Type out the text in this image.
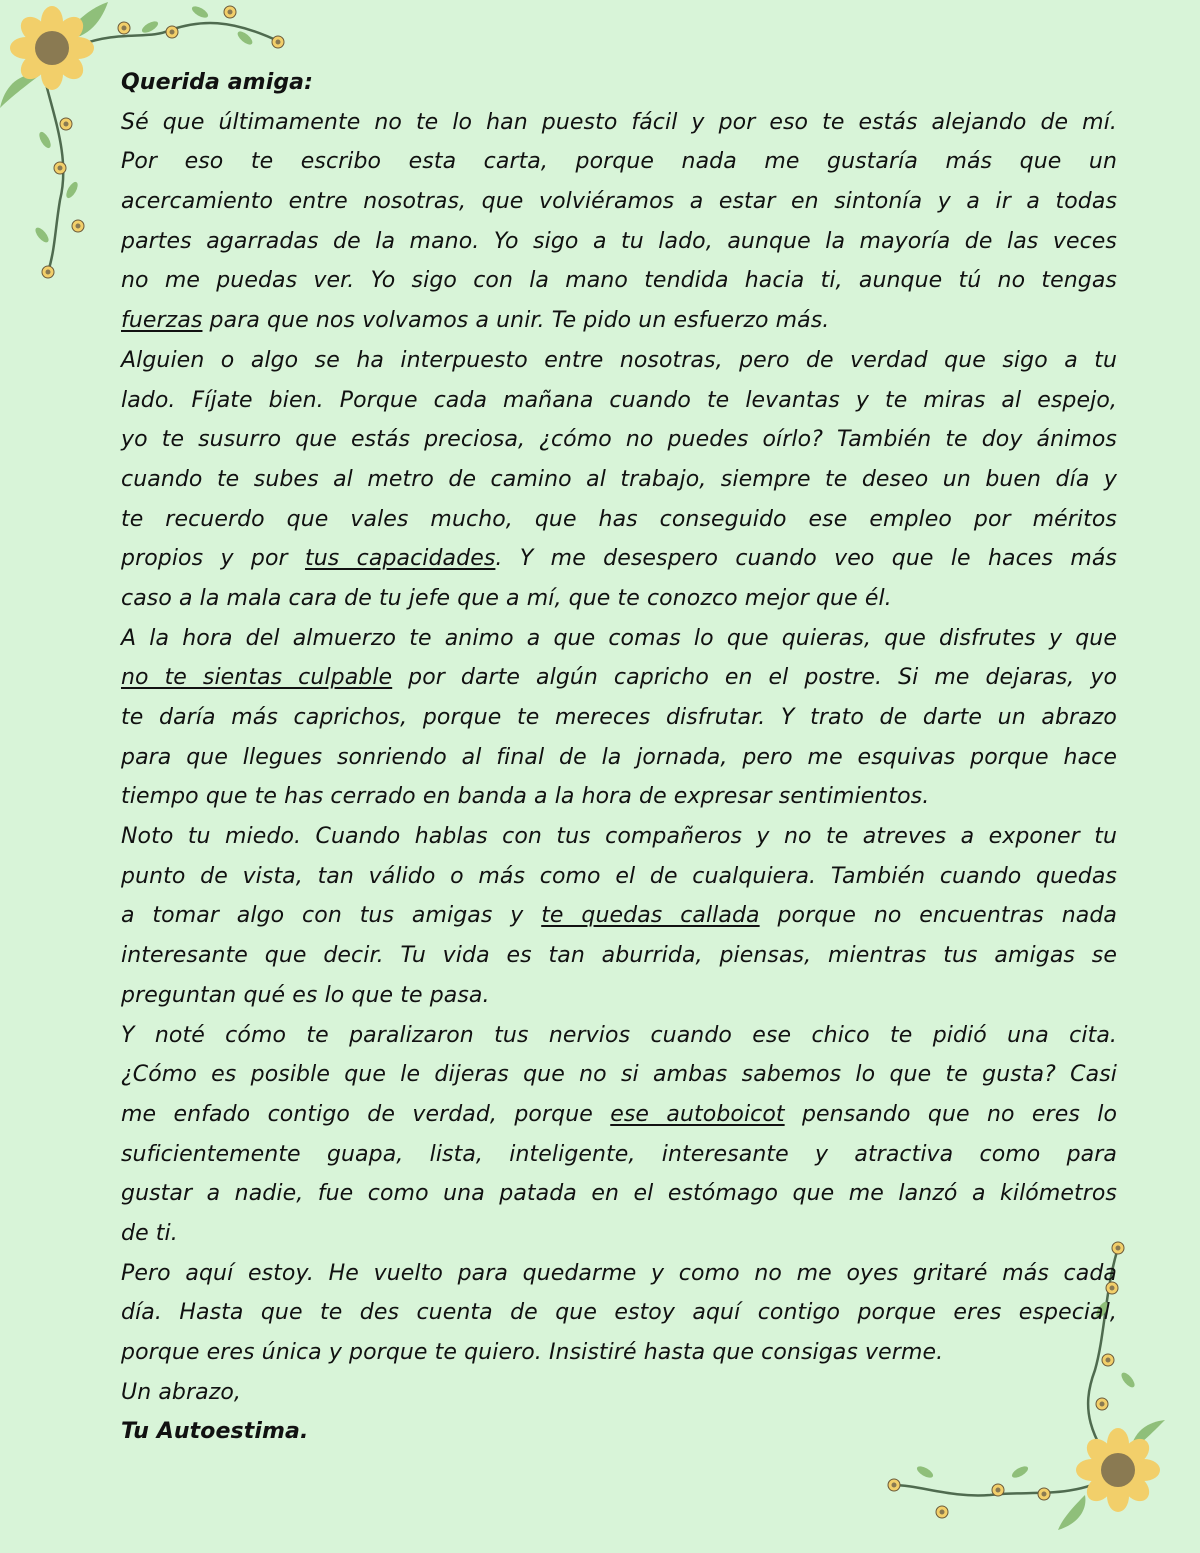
Querida amiga:
Sé que últimamente no te lo han puesto fácil y por eso te estás alejando de mí.
Por eso te escribo esta carta, porque nada me gustaría más que un
acercamiento entre nosotras, que volviéramos a estar en sintonía y a ir a todas
partes agarradas de la mano. Yo sigo a tu lado, aunque la mayoría de las veces
no me puedas ver. Yo sigo con la mano tendida hacia ti, aunque tú no tengas
fuerzas para que nos volvamos a unir. Te pido un esfuerzo más.
Alguien o algo se ha interpuesto entre nosotras, pero de verdad que sigo a tu
lado. Fíjate bien. Porque cada mañana cuando te levantas y te miras al espejo,
yo te susurro que estás preciosa, ¿cómo no puedes oírlo? También te doy ánimos
cuando te subes al metro de camino al trabajo, siempre te deseo un buen día y
te recuerdo que vales mucho, que has conseguido ese empleo por méritos
propios y por tus capacidades. Y me desespero cuando veo que le haces más
caso a la mala cara de tu jefe que a mí, que te conozco mejor que él.
A la hora del almuerzo te animo a que comas lo que quieras, que disfrutes y que
no te sientas culpable por darte algún capricho en el postre. Si me dejaras, yo
te daría más caprichos, porque te mereces disfrutar. Y trato de darte un abrazo
para que llegues sonriendo al final de la jornada, pero me esquivas porque hace
tiempo que te has cerrado en banda a la hora de expresar sentimientos.
Noto tu miedo. Cuando hablas con tus compañeros y no te atreves a exponer tu
punto de vista, tan válido o más como el de cualquiera. También cuando quedas
a tomar algo con tus amigas y te quedas callada porque no encuentras nada
interesante que decir. Tu vida es tan aburrida, piensas, mientras tus amigas se
preguntan qué es lo que te pasa.
Y noté cómo te paralizaron tus nervios cuando ese chico te pidió una cita.
¿Cómo es posible que le dijeras que no si ambas sabemos lo que te gusta? Casi
me enfado contigo de verdad, porque ese autoboicot pensando que no eres lo
suficientemente guapa, lista, inteligente, interesante y atractiva como para
gustar a nadie, fue como una patada en el estómago que me lanzó a kilómetros
de ti.
Pero aquí estoy. He vuelto para quedarme y como no me oyes gritaré más cada
día. Hasta que te des cuenta de que estoy aquí contigo porque eres especial,
porque eres única y porque te quiero. Insistiré hasta que consigas verme.
Un abrazo,
Tu Autoestima.
